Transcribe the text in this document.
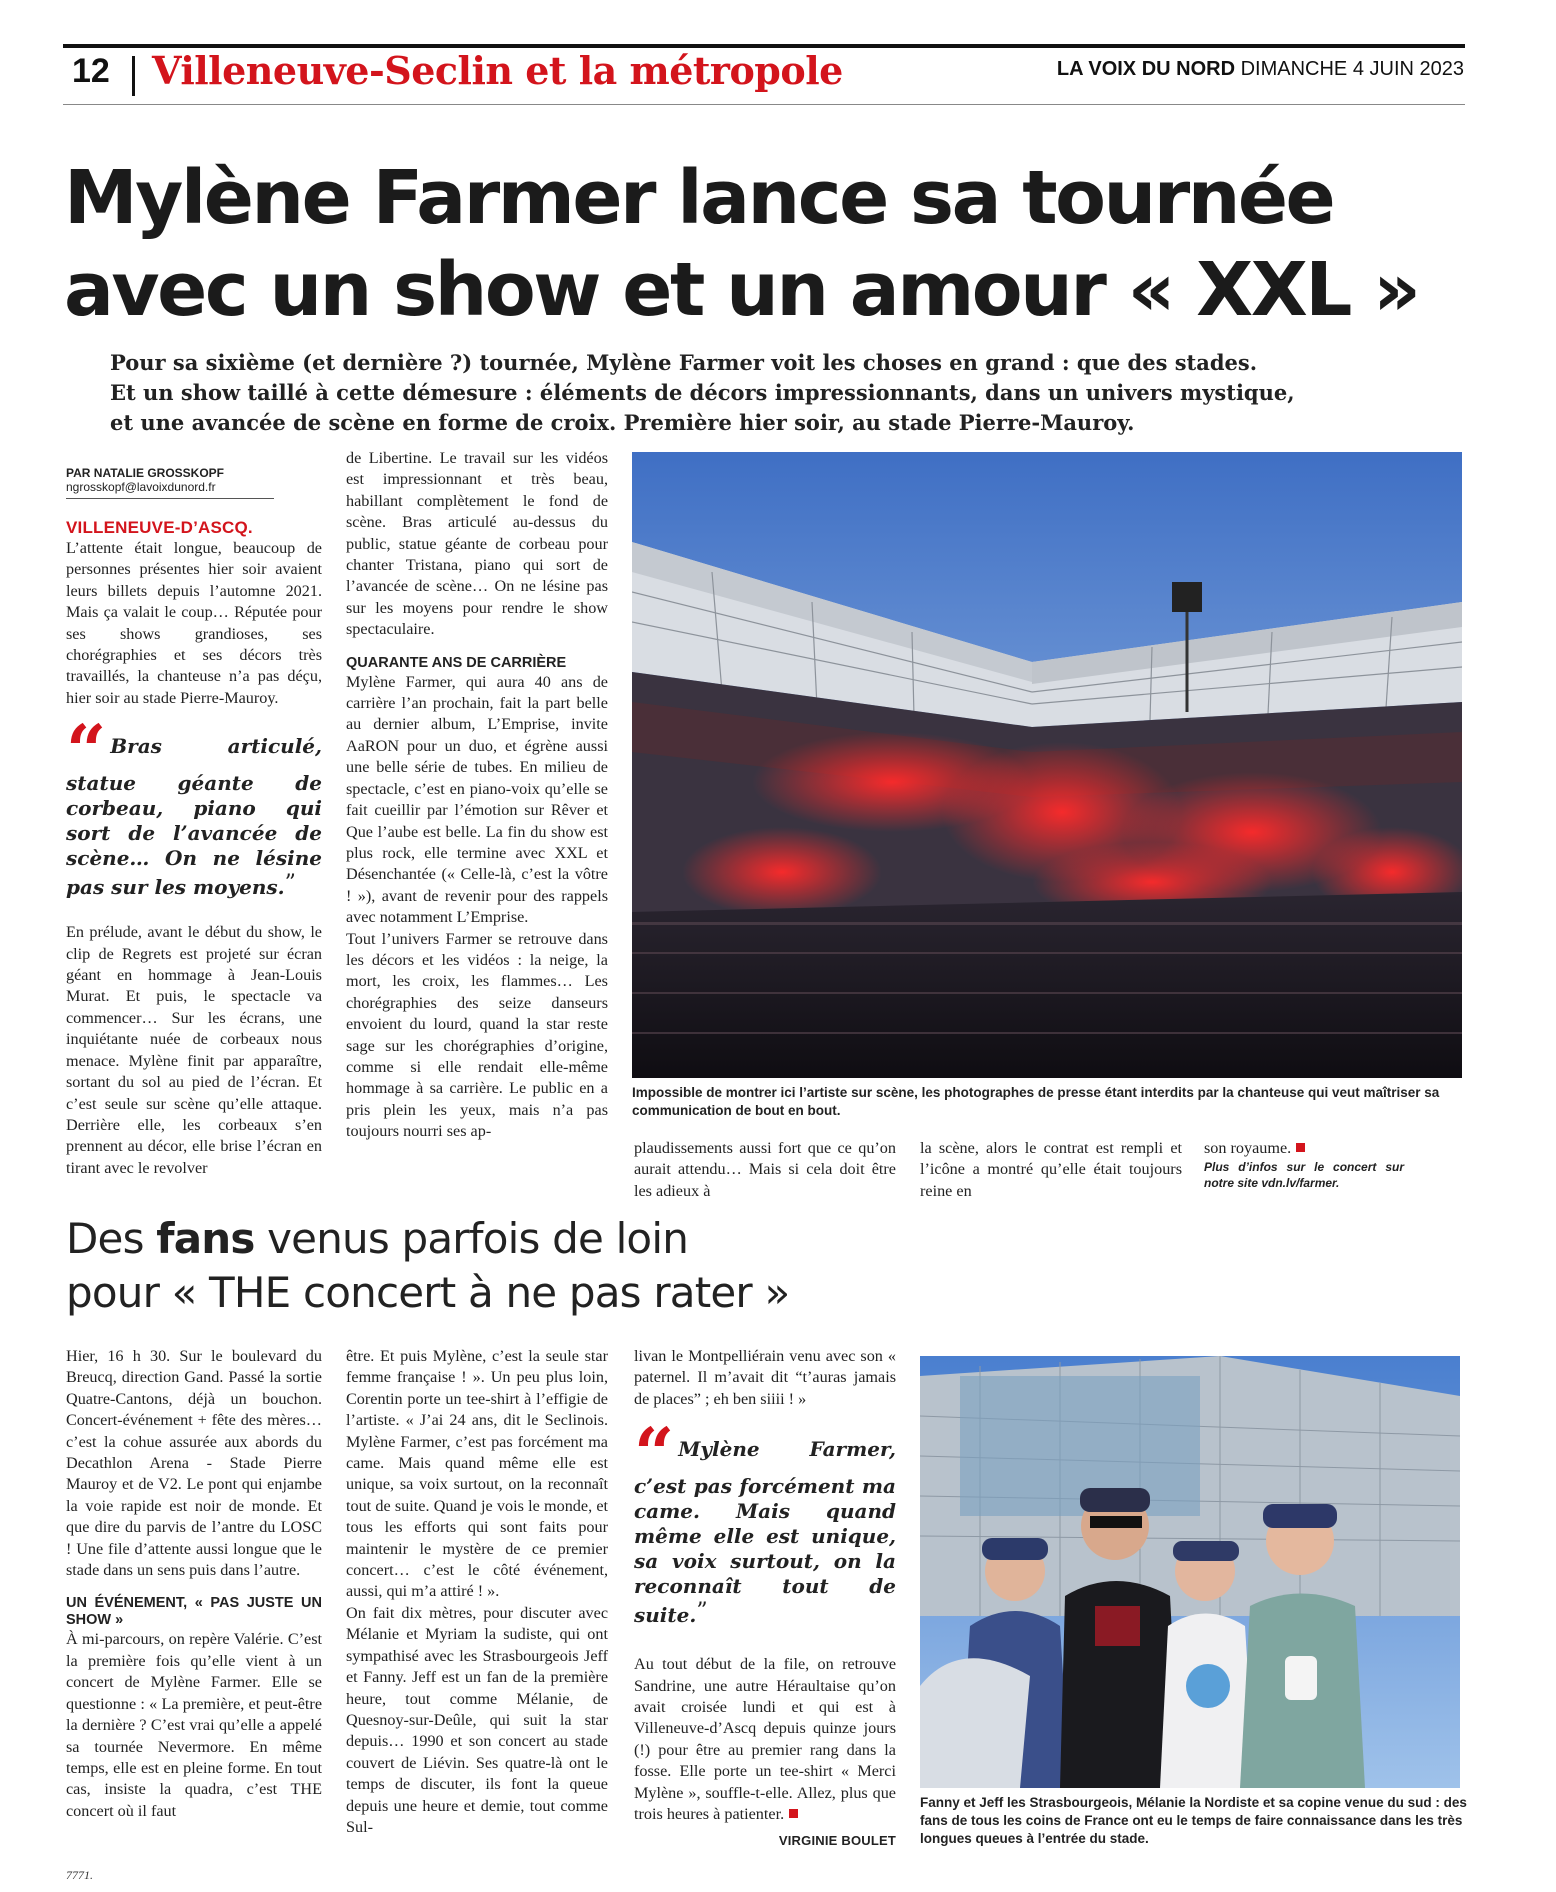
12 Villeneuve-Seclin et la métropole	LA VOIX DU NORD DIMANCHE 4 JUIN 2023
Mylène Farmer lance sa tournée
avec un show et un amour « XXL »
Pour sa sixième (et dernière ?) tournée, Mylène Farmer voit les choses en grand : que des stades.
Et un show taillé à cette démesure : éléments de décors impressionnants, dans un univers mystique,
et une avancée de scène en forme de croix. Première hier soir, au stade Pierre-Mauroy.
PAR NATALIE GROSSKOPF
ngrosskopf@lavoixdunord.fr
VILLENEUVE-D’ASCQ.

L’attente était longue, beaucoup de personnes présentes hier soir avaient leurs billets depuis l’automne 2021. Mais ça valait le coup… Réputée pour ses shows grandioses, ses chorégraphies et ses décors très travaillés, la chanteuse n’a pas déçu, hier soir au stade Pierre-Mauroy.

“ Bras articulé, statue géante de corbeau, piano qui sort de l’avancée de scène… On ne lésine pas sur les moyens.”

En prélude, avant le début du show, le clip de Regrets est projeté sur écran géant en hommage à Jean-Louis Murat. Et puis, le spectacle va commencer… Sur les écrans, une inquiétante nuée de corbeaux nous menace. Mylène finit par apparaître, sortant du sol au pied de l’écran. Et c’est seule sur scène qu’elle attaque. Derrière elle, les corbeaux s’en prennent au décor, elle brise l’écran en tirant avec le revolver

de Libertine. Le travail sur les vidéos est impressionnant et très beau, habillant complètement le fond de scène. Bras articulé au-dessus du public, statue géante de corbeau pour chanter Tristana, piano qui sort de l’avancée de scène… On ne lésine pas sur les moyens pour rendre le show spectaculaire.

QUARANTE ANS DE CARRIÈRE

Mylène Farmer, qui aura 40 ans de carrière l’an prochain, fait la part belle au dernier album, L’Emprise, invite AaRON pour un duo, et égrène aussi une belle série de tubes. En milieu de spectacle, c’est en piano-voix qu’elle se fait cueillir par l’émotion sur Rêver et Que l’aube est belle. La fin du show est plus rock, elle termine avec XXL et Désenchantée (« Celle-là, c’est la vôtre ! »), avant de revenir pour des rappels avec notamment L’Emprise.

Tout l’univers Farmer se retrouve dans les décors et les vidéos : la neige, la mort, les croix, les flammes… Les chorégraphies des seize danseurs envoient du lourd, quand la star reste sage sur les chorégraphies d’origine, comme si elle rendait elle-même hommage à sa carrière. Le public en a pris plein les yeux, mais n’a pas toujours nourri ses ap-

Impossible de montrer ici l’artiste sur scène, les photographes de presse étant interdits par la chanteuse qui veut maîtriser sa communication de bout en bout.

plaudissements aussi fort que ce qu’on aurait attendu… Mais si cela doit être les adieux à

la scène, alors le contrat est rempli et l’icône a montré qu’elle était toujours reine en

son royaume.

Plus d’infos sur le concert sur notre site vdn.lv/farmer.
Des fans venus parfois de loin
pour « THE concert à ne pas rater »

Hier, 16 h 30. Sur le boulevard du Breucq, direction Gand. Passé la sortie Quatre-Cantons, déjà un bouchon. Concert-événement + fête des mères… c’est la cohue assurée aux abords du Decathlon Arena - Stade Pierre Mauroy et de V2. Le pont qui enjambe la voie rapide est noir de monde. Et que dire du parvis de l’antre du LOSC ! Une file d’attente aussi longue que le stade dans un sens puis dans l’autre.

UN ÉVÉNEMENT, « PAS JUSTE UN SHOW »

À mi-parcours, on repère Valérie. C’est la première fois qu’elle vient à un concert de Mylène Farmer. Elle se questionne : « La première, et peut-être la dernière ? C’est vrai qu’elle a appelé sa tournée Nevermore. En même temps, elle est en pleine forme. En tout cas, insiste la quadra, c’est THE concert où il faut

être. Et puis Mylène, c’est la seule star femme française ! ». Un peu plus loin, Corentin porte un tee-shirt à l’effigie de l’artiste. « J’ai 24 ans, dit le Seclinois. Mylène Farmer, c’est pas forcément ma came. Mais quand même elle est unique, sa voix surtout, on la reconnaît tout de suite. Quand je vois le monde, et tous les efforts qui sont faits pour maintenir le mystère de ce premier concert… c’est le côté événement, aussi, qui m’a attiré ! ».

On fait dix mètres, pour discuter avec Mélanie et Myriam la sudiste, qui ont sympathisé avec les Strasbourgeois Jeff et Fanny. Jeff est un fan de la première heure, tout comme Mélanie, de Quesnoy-sur-Deûle, qui suit la star depuis… 1990 et son concert au stade couvert de Liévin. Ses quatre-là ont le temps de discuter, ils font la queue depuis une heure et demie, tout comme Sul-

livan le Montpelliérain venu avec son « paternel. Il m’avait dit “t’auras jamais de places” ; eh ben siiii ! »

“ Mylène Farmer, c’est pas forcément ma came. Mais quand même elle est unique, sa voix surtout, on la reconnaît tout de suite.”

Au tout début de la file, on retrouve Sandrine, une autre Héraultaise qu’on avait croisée lundi et qui est à Villeneuve-d’Ascq depuis quinze jours (!) pour être au premier rang dans la fosse. Elle porte un tee-shirt « Merci Mylène », souffle-t-elle. Allez, plus que trois heures à patienter.

VIRGINIE BOULET
Fanny et Jeff les Strasbourgeois, Mélanie la Nordiste et sa copine venue du sud : des fans de tous les coins de France ont eu le temps de faire connaissance dans les très longues queues à l’entrée du stade.
7771.
